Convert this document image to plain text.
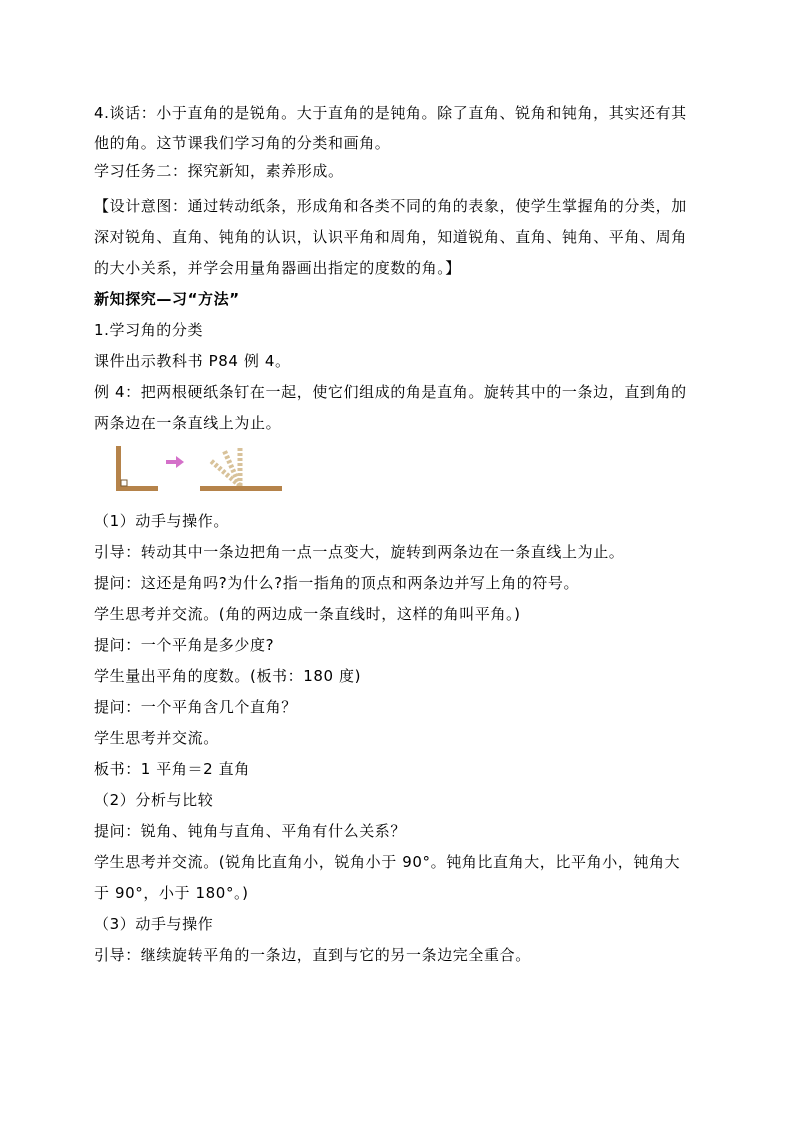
4.谈话：小于直角的是锐角。大于直角的是钝角。除了直角、锐角和钝角，其实还有其
他的角。这节课我们学习角的分类和画角。
学习任务二：探究新知，素养形成。
【设计意图：通过转动纸条，形成角和各类不同的角的表象，使学生掌握角的分类，加
深对锐角、直角、钝角的认识，认识平角和周角，知道锐角、直角、钝角、平角、周角
的大小关系，并学会用量角器画出指定的度数的角。】
新知探究—习“方法”
1.学习角的分类
课件出示教科书 P84 例 4。
例 4：把两根硬纸条钉在一起，使它们组成的角是直角。旋转其中的一条边，直到角的
（1）动手与操作。
引导：转动其中一条边把角一点一点变大，旋转到两条边在一条直线上为止。
提问：这还是角吗?为什么?指一指角的顶点和两条边并写上角的符号。
学生思考并交流。(角的两边成一条直线时，这样的角叫平角。)
提问：一个平角是多少度?
学生量出平角的度数。(板书：180 度)
提问：一个平角含几个直角？
学生思考并交流。
板书：1 平角＝2 直角
（2）分析与比较
提问：锐角、钝角与直角、平角有什么关系？
学生思考并交流。(锐角比直角小，锐角小于 90°。钝角比直角大，比平角小，钝角大
于 90°，小于 180°。)
（3）动手与操作
引导：继续旋转平角的一条边，直到与它的另一条边完全重合。
两条边在一条直线上为止。
